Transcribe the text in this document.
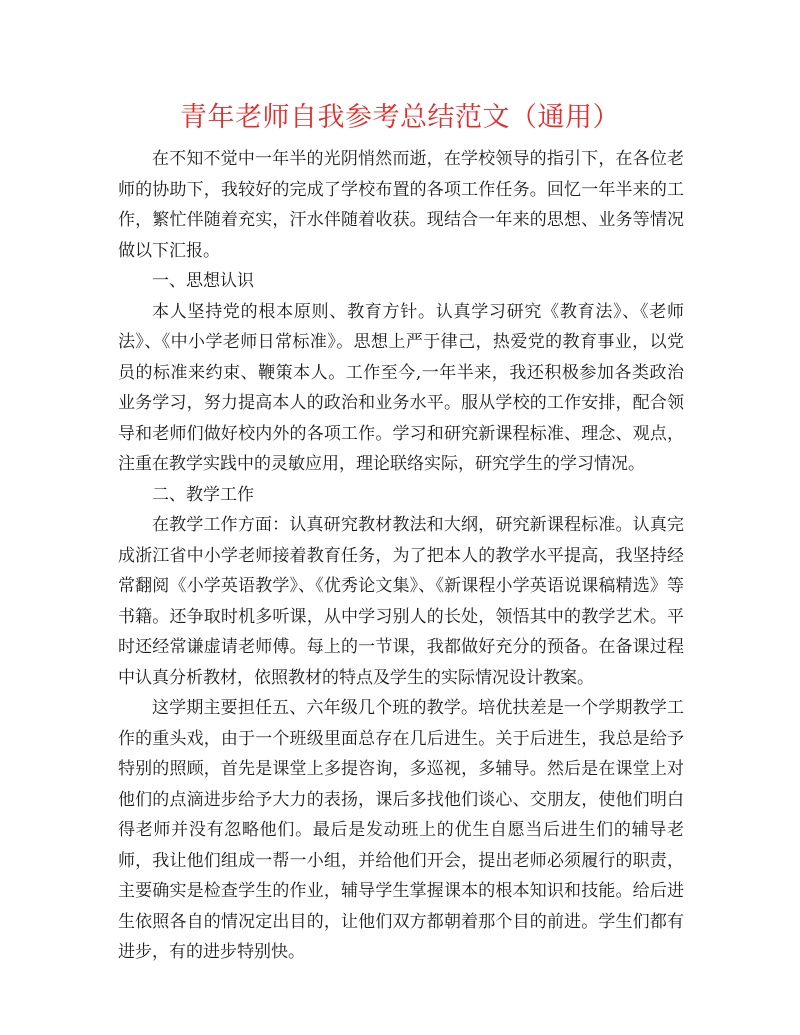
青年老师自我参考总结范文（通用）

在不知不觉中一年半的光阴悄然而逝，在学校领导的指引下，在各位老师的协助下，我较好的完成了学校布置的各项工作任务。回忆一年半来的工作，繁忙伴随着充实，汗水伴随着收获。现结合一年来的思想、业务等情况做以下汇报。

一、思想认识

本人坚持党的根本原则、教育方针。认真学习研究《教育法》、《老师法》、《中小学老师日常标准》。思想上严于律己，热爱党的教育事业，以党员的标准来约束、鞭策本人。工作至今,一年半来，我还积极参加各类政治业务学习，努力提高本人的政治和业务水平。服从学校的工作安排，配合领导和老师们做好校内外的各项工作。学习和研究新课程标准、理念、观点，注重在教学实践中的灵敏应用，理论联络实际，研究学生的学习情况。

二、教学工作

在教学工作方面：认真研究教材教法和大纲，研究新课程标准。认真完成浙江省中小学老师接着教育任务，为了把本人的教学水平提高，我坚持经常翻阅《小学英语教学》、《优秀论文集》、《新课程小学英语说课稿精选》等书籍。还争取时机多听课，从中学习别人的长处，领悟其中的教学艺术。平时还经常谦虚请老师傅。每上的一节课，我都做好充分的预备。在备课过程中认真分析教材，依照教材的特点及学生的实际情况设计教案。

这学期主要担任五、六年级几个班的教学。培优扶差是一个学期教学工作的重头戏，由于一个班级里面总存在几后进生。关于后进生，我总是给予特别的照顾，首先是课堂上多提咨询，多巡视，多辅导。然后是在课堂上对他们的点滴进步给予大力的表扬，课后多找他们谈心、交朋友，使他们明白得老师并没有忽略他们。最后是发动班上的优生自愿当后进生们的辅导老师，我让他们组成一帮一小组，并给他们开会，提出老师必须履行的职责，主要确实是检查学生的作业，辅导学生掌握课本的根本知识和技能。给后进生依照各自的情况定出目的，让他们双方都朝着那个目的前进。学生们都有进步，有的进步特别快。
